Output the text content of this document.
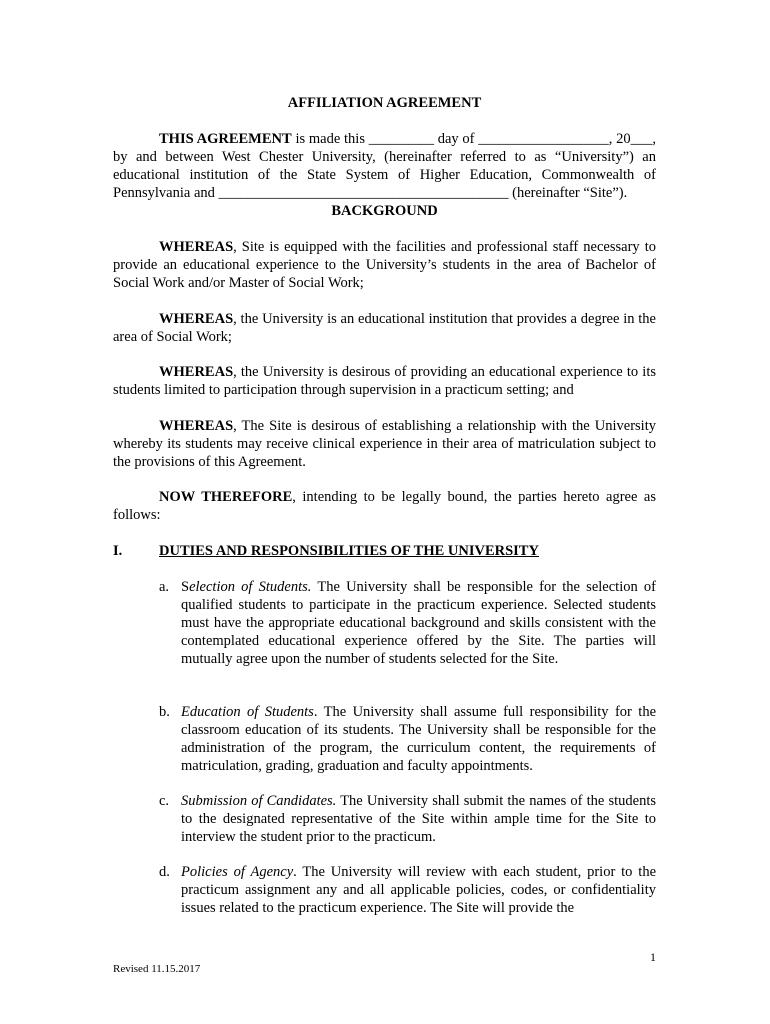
AFFILIATION AGREEMENT
THIS AGREEMENT is made this _________ day of __________________, 20___, by and between West Chester University, (hereinafter referred to as “University”) an educational institution of the State System of Higher Education, Commonwealth of Pennsylvania and ________________________________________ (hereinafter “Site”).
BACKGROUND
WHEREAS, Site is equipped with the facilities and professional staff necessary to provide an educational experience to the University’s students in the area of Bachelor of Social Work and/or Master of Social Work;
WHEREAS, the University is an educational institution that provides a degree in the area of Social Work;
WHEREAS, the University is desirous of providing an educational experience to its students limited to participation through supervision in a practicum setting; and
WHEREAS, The Site is desirous of establishing a relationship with the University whereby its students may receive clinical experience in their area of matriculation subject to the provisions of this Agreement.
NOW THEREFORE, intending to be legally bound, the parties hereto agree as follows:
I.	DUTIES AND RESPONSIBILITIES OF THE UNIVERSITY
a. Selection of Students. The University shall be responsible for the selection of qualified students to participate in the practicum experience. Selected students must have the appropriate educational background and skills consistent with the contemplated educational experience offered by the Site. The parties will mutually agree upon the number of students selected for the Site.
b. Education of Students. The University shall assume full responsibility for the classroom education of its students. The University shall be responsible for the administration of the program, the curriculum content, the requirements of matriculation, grading, graduation and faculty appointments.
c. Submission of Candidates. The University shall submit the names of the students to the designated representative of the Site within ample time for the Site to interview the student prior to the practicum.
d. Policies of Agency. The University will review with each student, prior to the practicum assignment any and all applicable policies, codes, or confidentiality issues related to the practicum experience. The Site will provide the
1
Revised 11.15.2017
